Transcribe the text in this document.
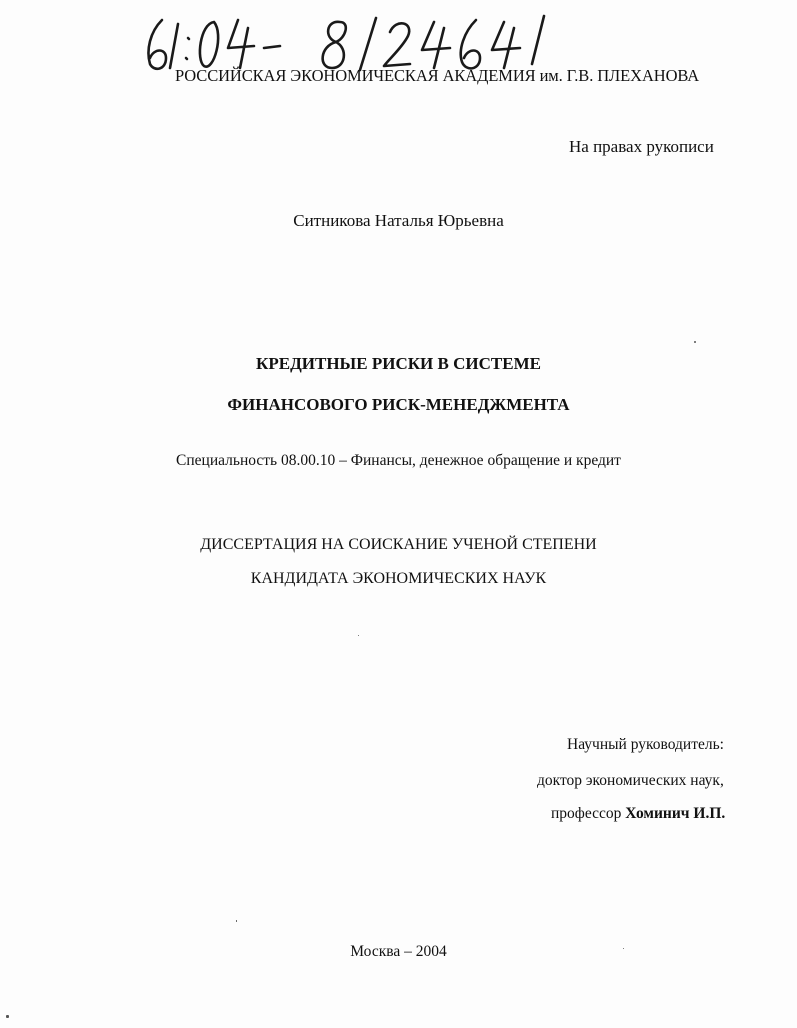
РОССИЙСКАЯ ЭКОНОМИЧЕСКАЯ АКАДЕМИЯ им. Г.В. ПЛЕХАНОВА
На правах рукописи
Ситникова Наталья Юрьевна
КРЕДИТНЫЕ РИСКИ В СИСТЕМЕ
ФИНАНСОВОГО РИСК-МЕНЕДЖМЕНТА
Специальность 08.00.10 – Финансы, денежное обращение и кредит
ДИССЕРТАЦИЯ НА СОИСКАНИЕ УЧЕНОЙ СТЕПЕНИ
КАНДИДАТА ЭКОНОМИЧЕСКИХ НАУК
Научный руководитель:
доктор экономических наук,
профессор Хоминич И.П.
Москва – 2004
